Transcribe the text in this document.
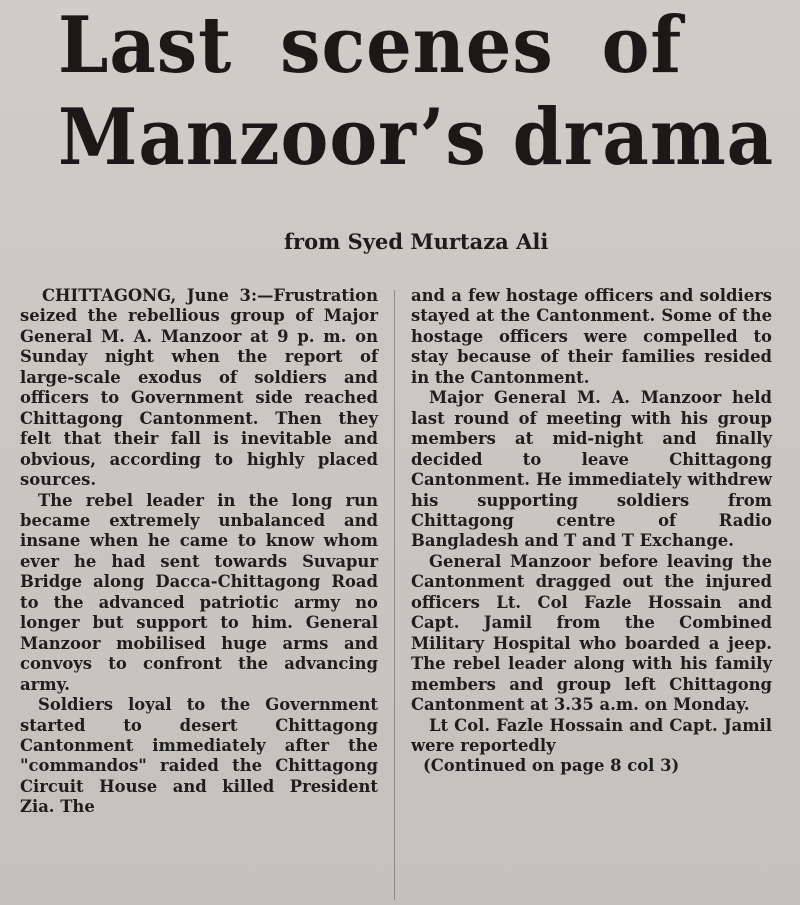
Last scenes of
Manzoor’s drama

from Syed Murtaza Ali

CHITTAGONG, June 3:—Frustration seized the rebellious group of Major General M. A. Manzoor at 9 p. m. on Sunday night when the report of large-scale exodus of soldiers and officers to Government side reached Chittagong Cantonment. Then they felt that their fall is inevitable and obvious, according to highly placed sources.

The rebel leader in the long run became extremely unbalanced and insane when he came to know whom ever he had sent towards Suvapur Bridge along Dacca-Chittagong Road to the advanced patriotic army no longer but support to him. General Manzoor mobilised huge arms and convoys to confront the advancing army.

Soldiers loyal to the Government started to desert Chittagong Cantonment immediately after the "commandos" raided the Chittagong Circuit House and killed President Zia. The

and a few hostage officers and soldiers stayed at the Cantonment. Some of the hostage officers were compelled to stay because of their families resided in the Cantonment.

Major General M. A. Manzoor held last round of meeting with his group members at mid-night and finally decided to leave Chittagong Cantonment. He immediately withdrew his supporting soldiers from Chittagong centre of Radio Bangladesh and T and T Exchange.

General Manzoor before leaving the Cantonment dragged out the injured officers Lt. Col Fazle Hossain and Capt. Jamil from the Combined Military Hospital who boarded a jeep. The rebel leader along with his family members and group left Chittagong Cantonment at 3.35 a.m. on Monday.

Lt Col. Fazle Hossain and Capt. Jamil were reportedly

(Continued on page 8 col 3)
